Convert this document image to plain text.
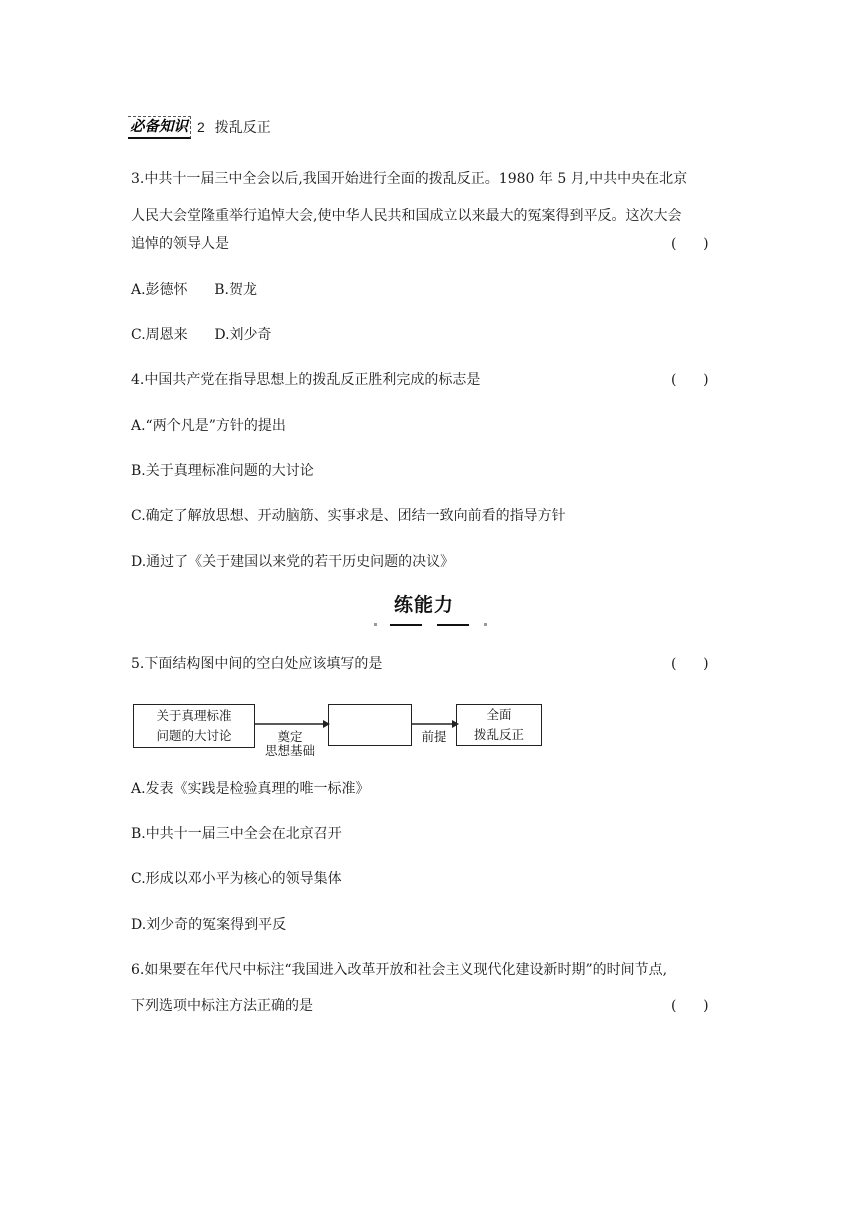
必备知识 2 拨乱反正
3.中共十一届三中全会以后,我国开始进行全面的拨乱反正。1980 年 5 月,中共中央在北京
人民大会堂隆重举行追悼大会,使中华人民共和国成立以来最大的冤案得到平反。这次大会
追悼的领导人是	(      )
A.彭德怀      B.贺龙
C.周恩来      D.刘少奇
4.中国共产党在指导思想上的拨乱反正胜利完成的标志是	(      )
A.“两个凡是”方针的提出
B.关于真理标准问题的大讨论
C.确定了解放思想、开动脑筋、实事求是、团结一致向前看的指导方针
D.通过了《关于建国以来党的若干历史问题的决议》
练能力
5.下面结构图中间的空白处应该填写的是	(      )
关于真理标准
问题的大讨论	奠定
思想基础
前提
全面
拨乱反正
A.发表《实践是检验真理的唯一标准》
B.中共十一届三中全会在北京召开
C.形成以邓小平为核心的领导集体
D.刘少奇的冤案得到平反
6.如果要在年代尺中标注“我国进入改革开放和社会主义现代化建设新时期”的时间节点,
下列选项中标注方法正确的是	(      )
